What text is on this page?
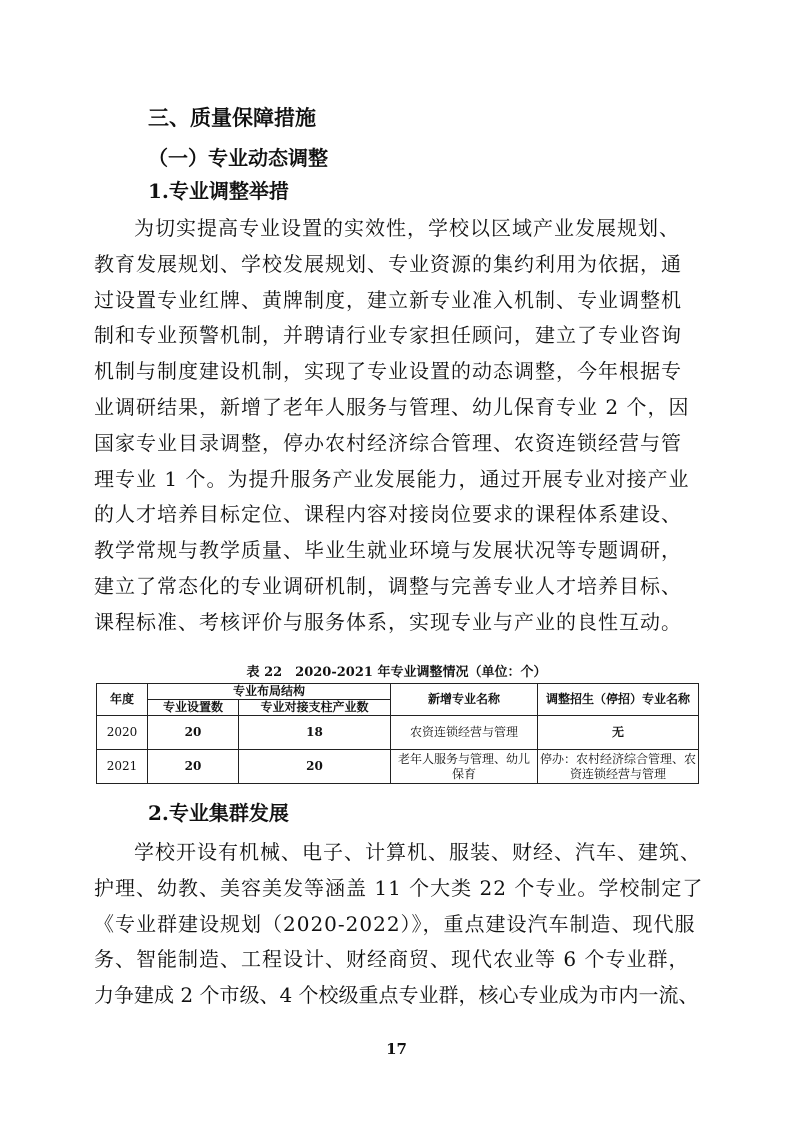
三、质量保障措施
（一）专业动态调整
1.专业调整举措

为切实提高专业设置的实效性，学校以区域产业发展规划、
教育发展规划、学校发展规划、专业资源的集约利用为依据，通
过设置专业红牌、黄牌制度，建立新专业准入机制、专业调整机
制和专业预警机制，并聘请行业专家担任顾问，建立了专业咨询
机制与制度建设机制，实现了专业设置的动态调整，今年根据专
业调研结果，新增了老年人服务与管理、幼儿保育专业 2 个，因
国家专业目录调整，停办农村经济综合管理、农资连锁经营与管
理专业 1 个。为提升服务产业发展能力，通过开展专业对接产业
的人才培养目标定位、课程内容对接岗位要求的课程体系建设、
教学常规与教学质量、毕业生就业环境与发展状况等专题调研，
建立了常态化的专业调研机制，调整与完善专业人才培养目标、
课程标准、考核评价与服务体系，实现专业与产业的良性互动。

表 22　2020-2021 年专业调整情况（单位：个）
年度	专业布局结构		新增专业名称	调整招生（停招）专业名称
	专业设置数	专业对接支柱产业数		
2020	20	18	农资连锁经营与管理	无
2021	20	20	老年人服务与管理、幼儿保育	停办：农村经济综合管理、农资连锁经营与管理
2.专业集群发展

学校开设有机械、电子、计算机、服装、财经、汽车、建筑、
护理、幼教、美容美发等涵盖 11 个大类 22 个专业。学校制定了
《专业群建设规划（2020-2022）》，重点建设汽车制造、现代服
务、智能制造、工程设计、财经商贸、现代农业等 6 个专业群，
力争建成 2 个市级、4 个校级重点专业群，核心专业成为市内一流、

17
